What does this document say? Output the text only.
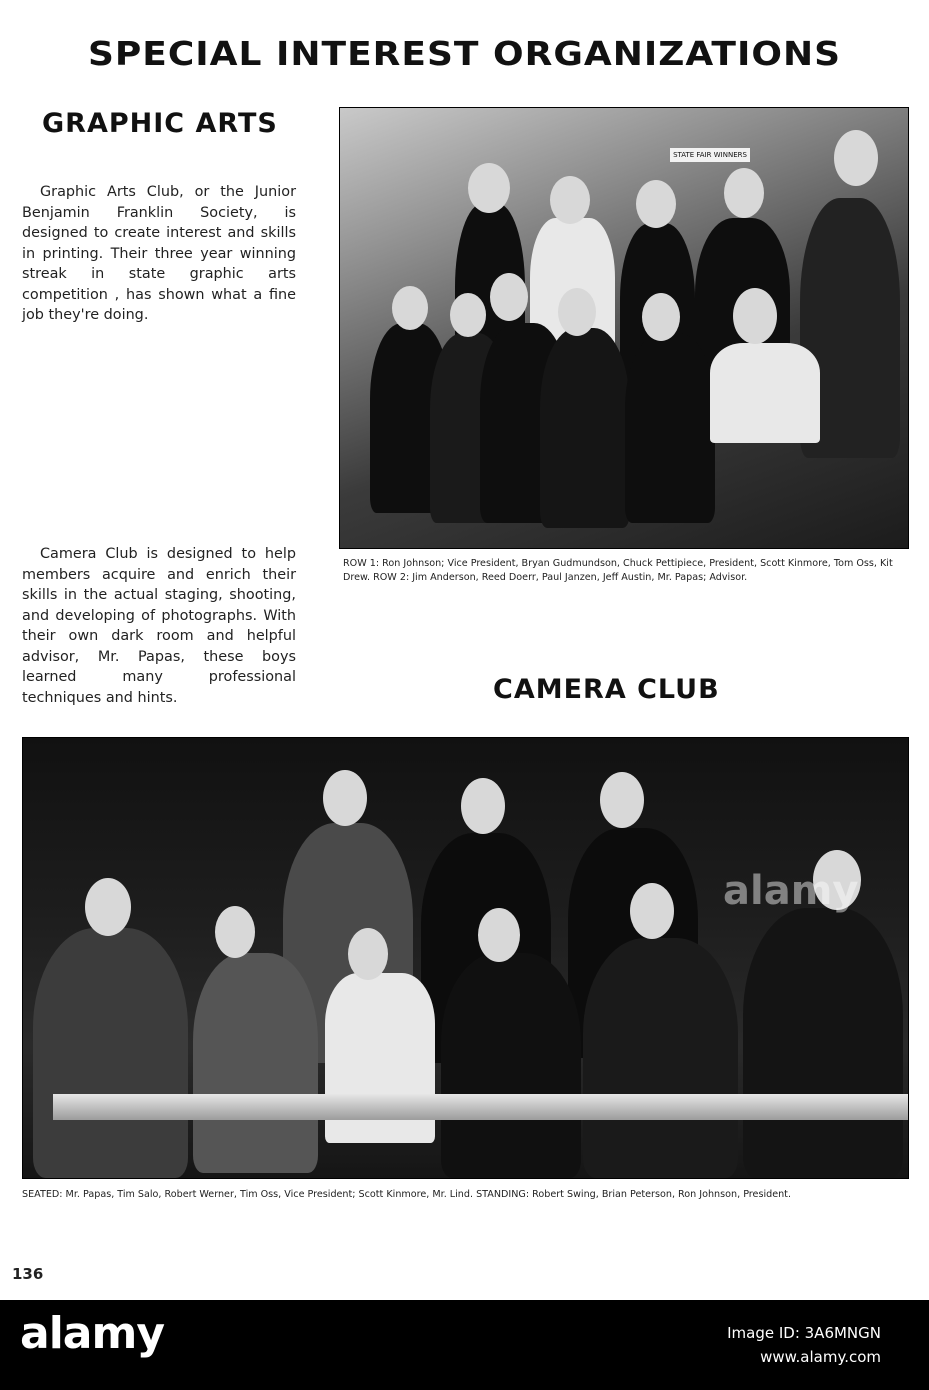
SPECIAL INTEREST ORGANIZATIONS
GRAPHIC ARTS
Graphic Arts Club, or the Junior Benjamin Franklin Society, is designed to create interest and skills in printing. Their three year winning streak in state graphic arts competition , has shown what a fine job they're doing.
STATE FAIR WINNERS
ROW 1: Ron Johnson; Vice President, Bryan Gudmundson, Chuck Pettipiece, President, Scott Kinmore, Tom Oss, Kit Drew. ROW 2: Jim Anderson, Reed Doerr, Paul Janzen, Jeff Austin, Mr. Papas; Advisor.
Camera Club is designed to help members acquire and enrich their skills in the actual staging, shooting, and developing of photographs. With their own dark room and helpful advisor, Mr. Papas, these boys learned many professional techniques and hints.	CAMERA CLUB
alamy
SEATED: Mr. Papas, Tim Salo, Robert Werner, Tim Oss, Vice President; Scott Kinmore, Mr. Lind. STANDING: Robert Swing, Brian Peterson, Ron Johnson, President.
136
alamy	Image ID: 3A6MNGN
www.alamy.com
